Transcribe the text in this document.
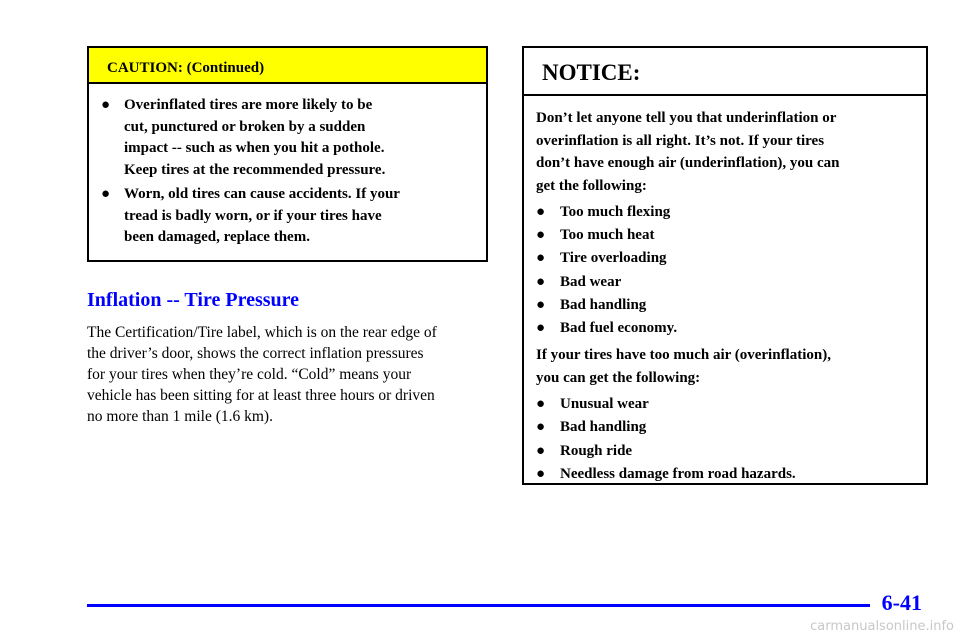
CAUTION: (Continued)
● Overinflated tires are more likely to be
cut, punctured or broken by a sudden
impact -- such as when you hit a pothole.
Keep tires at the recommended pressure.
● Worn, old tires can cause accidents. If your
tread is badly worn, or if your tires have
been damaged, replace them.
Inflation -- Tire Pressure

The Certification/Tire label, which is on the rear edge of
the driver’s door, shows the correct inflation pressures
for your tires when they’re cold. “Cold” means your
vehicle has been sitting for at least three hours or driven
no more than 1 mile (1.6 km).

NOTICE:

Don’t let anyone tell you that underinflation or
overinflation is all right. It’s not. If your tires
don’t have enough air (underinflation), you can
get the following:

● Too much flexing
● Too much heat
● Tire overloading
● Bad wear
● Bad handling
● Bad fuel economy.

If your tires have too much air (overinflation),
you can get the following:

● Unusual wear
● Bad handling
● Rough ride
● Needless damage from road hazards.
6-41
carmanualsonline.info
